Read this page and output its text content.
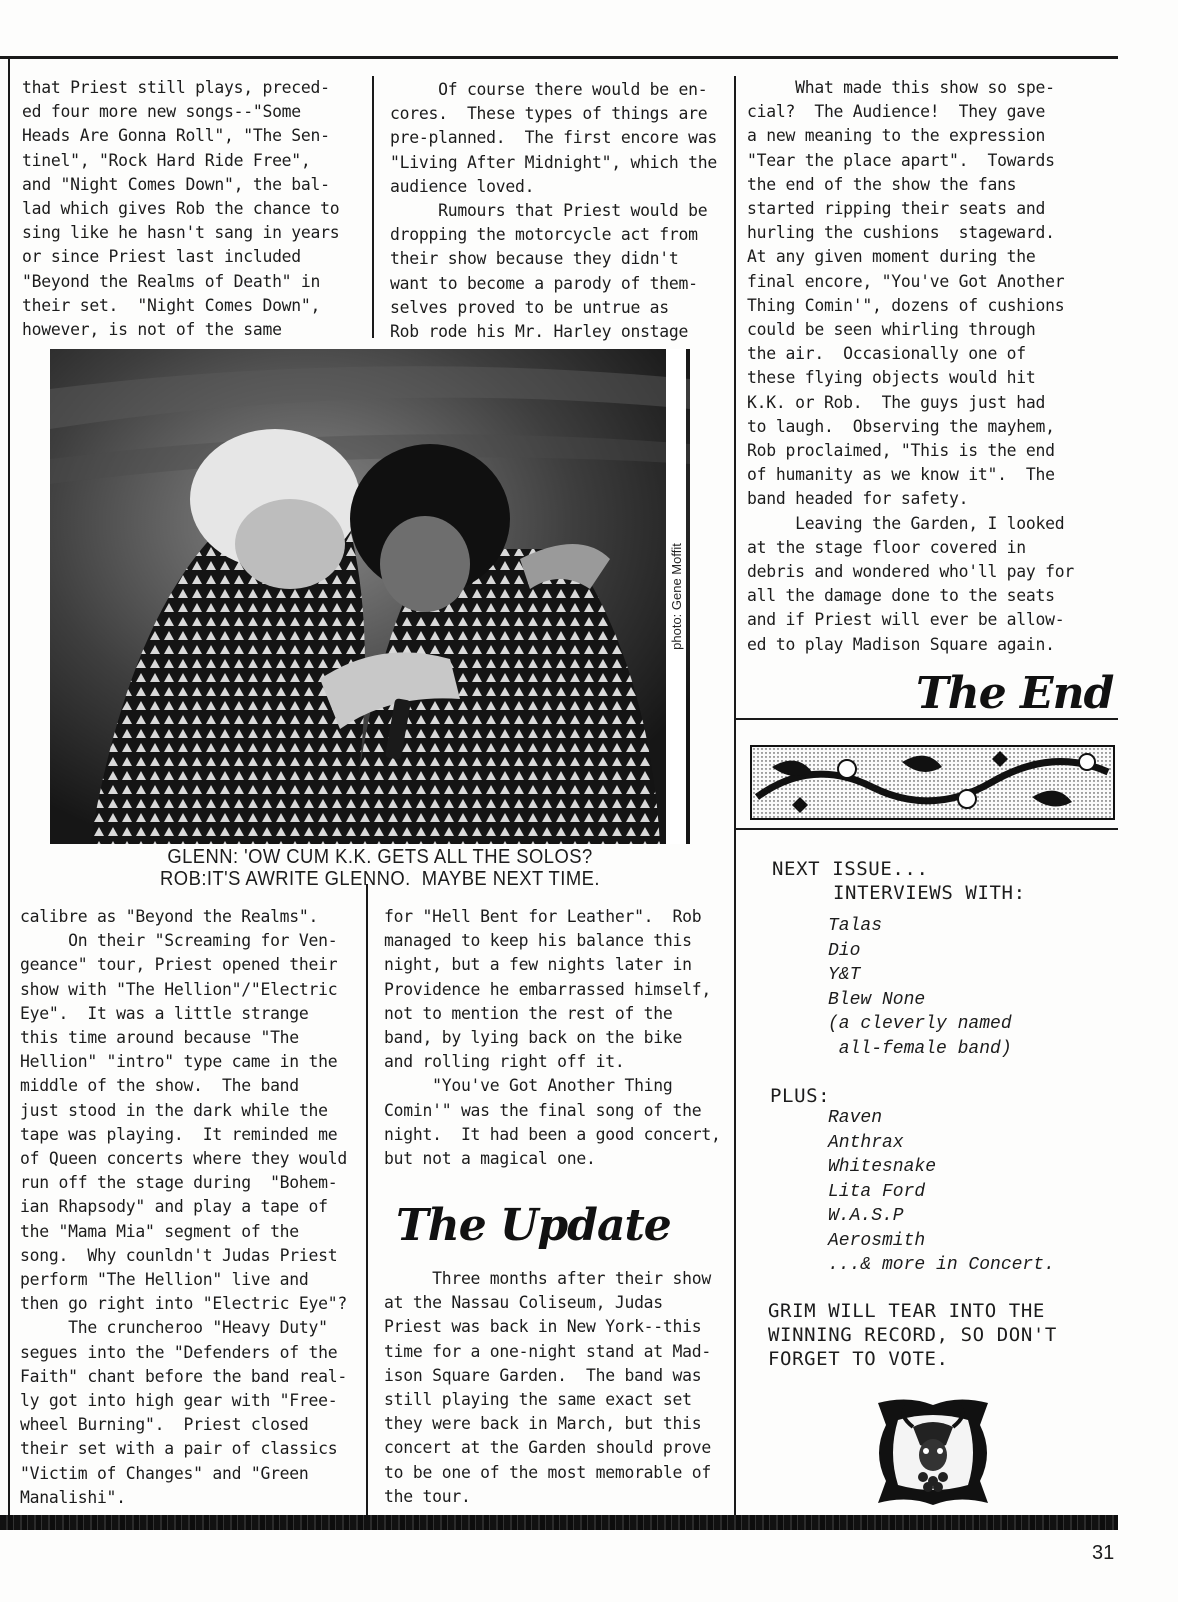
that Priest still plays, preced-

ed four more new songs--"Some

Heads Are Gonna Roll", "The Sen-

tinel", "Rock Hard Ride Free",

and "Night Comes Down", the bal-

lad which gives Rob the chance to

sing like he hasn't sang in years

or since Priest last included

"Beyond the Realms of Death" in

their set.  "Night Comes Down",

however, is not of the same

Of course there would be en-

cores.  These types of things are

pre-planned.  The first encore was

"Living After Midnight", which the

audience loved.

Rumours that Priest would be

dropping the motorcycle act from

their show because they didn't

want to become a parody of them-

selves proved to be untrue as

Rob rode his Mr. Harley onstage

What made this show so spe-

cial?  The Audience!  They gave

a new meaning to the expression

"Tear the place apart".  Towards

the end of the show the fans

started ripping their seats and

hurling the cushions  stageward.

At any given moment during the

final encore, "You've Got Another

Thing Comin'", dozens of cushions

could be seen whirling through

the air.  Occasionally one of

these flying objects would hit

K.K. or Rob.  The guys just had

to laugh.  Observing the mayhem,

Rob proclaimed, "This is the end

of humanity as we know it".  The

band headed for safety.

Leaving the Garden, I looked

at the stage floor covered in

debris and wondered who'll pay for

all the damage done to the seats

and if Priest will ever be allow-

ed to play Madison Square again.

calibre as "Beyond the Realms".

On their "Screaming for Ven-

geance" tour, Priest opened their

show with "The Hellion"/"Electric

Eye".  It was a little strange

this time around because "The

Hellion" "intro" type came in the

middle of the show.  The band

just stood in the dark while the

tape was playing.  It reminded me

of Queen concerts where they would

run off the stage during  "Bohem-

ian Rhapsody" and play a tape of

the "Mama Mia" segment of the

song.  Why counldn't Judas Priest

perform "The Hellion" live and

then go right into "Electric Eye"?

The cruncheroo "Heavy Duty"

segues into the "Defenders of the

Faith" chant before the band real-

ly got into high gear with "Free-

wheel Burning".  Priest closed

their set with a pair of classics

"Victim of Changes" and "Green

Manalishi".

for "Hell Bent for Leather".  Rob

managed to keep his balance this

night, but a few nights later in

Providence he embarrassed himself,

not to mention the rest of the

band, by lying back on the bike

and rolling right off it.

"You've Got Another Thing

Comin'" was the final song of the

night.  It had been a good concert,

but not a magical one.

Three months after their show

at the Nassau Coliseum, Judas

Priest was back in New York--this

time for a one-night stand at Mad-

ison Square Garden.  The band was

still playing the same exact set

they were back in March, but this

concert at the Garden should prove

to be one of the most memorable of

the tour.

photo: Gene Moffit
GLENN: 'OW CUM K.K. GETS ALL THE SOLOS?
ROB:IT'S AWRITE GLENNO.  MAYBE NEXT TIME.
The End
The Update
NEXT ISSUE...
INTERVIEWS WITH:

Talas

Dio

Y&T

Blew None

(a cleverly named

all-female band)

PLUS:

Raven

Anthrax

Whitesnake

Lita Ford

W.A.S.P

Aerosmith

...& more in Concert.

GRIM WILL TEAR INTO THE
WINNING RECORD, SO DON'T
FORGET TO VOTE.
31
